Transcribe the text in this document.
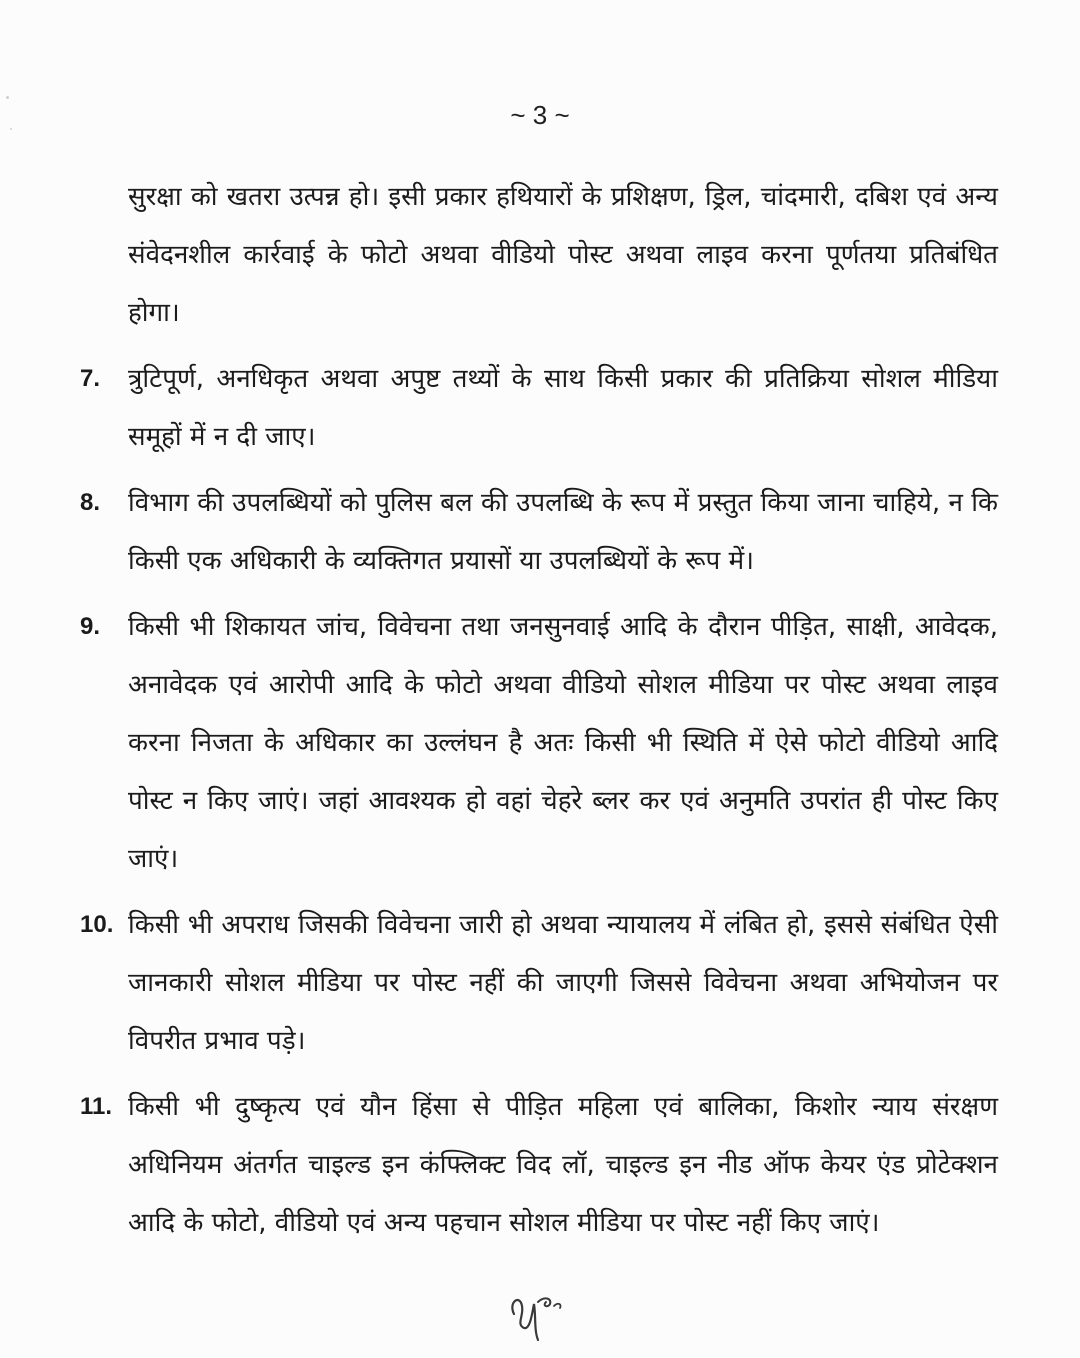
~ 3 ~

सुरक्षा को खतरा उत्पन्न हो। इसी प्रकार हथियारों के प्रशिक्षण, ड्रिल, चांदमारी, दबिश एवं अन्य संवेदनशील कार्रवाई के फोटो अथवा वीडियो पोस्ट अथवा लाइव करना पूर्णतया प्रतिबंधित होगा।

7. त्रुटिपूर्ण, अनधिकृत अथवा अपुष्ट तथ्यों के साथ किसी प्रकार की प्रतिक्रिया सोशल मीडिया समूहों में न दी जाए।
8. विभाग की उपलब्धियों को पुलिस बल की उपलब्धि के रूप में प्रस्तुत किया जाना चाहिये, न कि किसी एक अधिकारी के व्यक्तिगत प्रयासों या उपलब्धियों के रूप में।
9. किसी भी शिकायत जांच, विवेचना तथा जनसुनवाई आदि के दौरान पीड़ित, साक्षी, आवेदक, अनावेदक एवं आरोपी आदि के फोटो अथवा वीडियो सोशल मीडिया पर पोस्ट अथवा लाइव करना निजता के अधिकार का उल्लंघन है अतः किसी भी स्थिति में ऐसे फोटो वीडियो आदि पोस्ट न किए जाएं। जहां आवश्यक हो वहां चेहरे ब्लर कर एवं अनुमति उपरांत ही पोस्ट किए जाएं।
10. किसी भी अपराध जिसकी विवेचना जारी हो अथवा न्यायालय में लंबित हो, इससे संबंधित ऐसी जानकारी सोशल मीडिया पर पोस्ट नहीं की जाएगी जिससे विवेचना अथवा अभियोजन पर विपरीत प्रभाव पड़े।
11. किसी भी दुष्कृत्य एवं यौन हिंसा से पीड़ित महिला एवं बालिका, किशोर न्याय संरक्षण अधिनियम अंतर्गत चाइल्ड इन कंफ्लिक्ट विद लॉ, चाइल्ड इन नीड ऑफ केयर एंड प्रोटेक्शन आदि के फोटो, वीडियो एवं अन्य पहचान सोशल मीडिया पर पोस्ट नहीं किए जाएं।
